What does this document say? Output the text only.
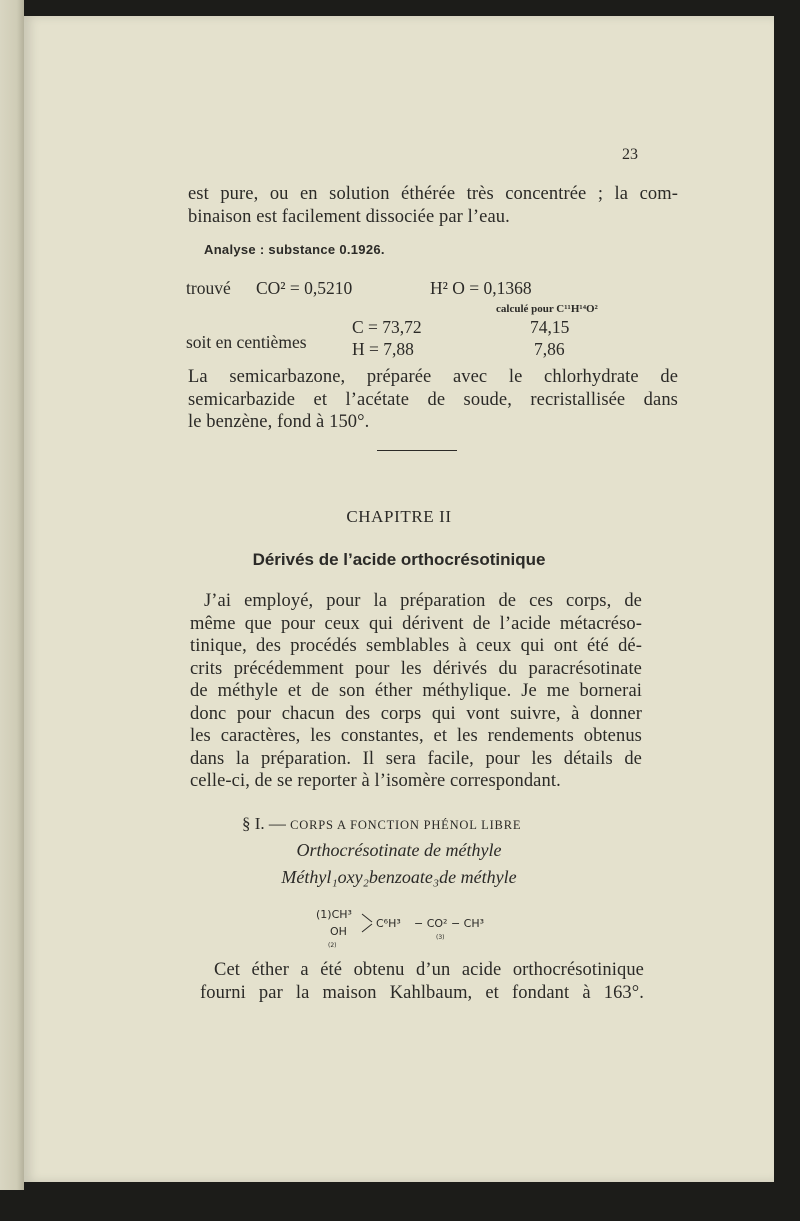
23
est pure, ou en solution éthérée très concentrée ; la com-
binaison est facilement dissociée par l’eau.
Analyse : substance 0.1926.
trouvé CO² = 0,5210	H² O = 0,1368
calculé pour C¹¹H¹⁴O²
C = 73,72	74,15
soit en centièmes	H = 7,88	7,86
La semicarbazone, préparée avec le chlorhydrate de
semicarbazide et l’acétate de soude, recristallisée dans
le benzène, fond à 150°.
CHAPITRE II
Dérivés de l’acide orthocrésotinique
J’ai employé, pour la préparation de ces corps, de
même que pour ceux qui dérivent de l’acide métacréso-
tinique, des procédés semblables à ceux qui ont été dé-
crits précédemment pour les dérivés du paracrésotinate
de méthyle et de son éther méthylique. Je me bornerai
donc pour chacun des corps qui vont suivre, à donner
les caractères, les constantes, et les rendements obtenus
dans la préparation. Il sera facile, pour les détails de
celle-ci, de se reporter à l’isomère correspondant.
§ I. — CORPS A FONCTION PHÉNOL LIBRE
Orthocrésotinate de méthyle
Méthyl₁oxy₂benzoate₃de méthyle
(1)CH³
OH
(2)
C⁶H³ − CO² − CH³
(3)
Cet éther a été obtenu d’un acide orthocrésotinique
fourni par la maison Kahlbaum, et fondant à 163°.
